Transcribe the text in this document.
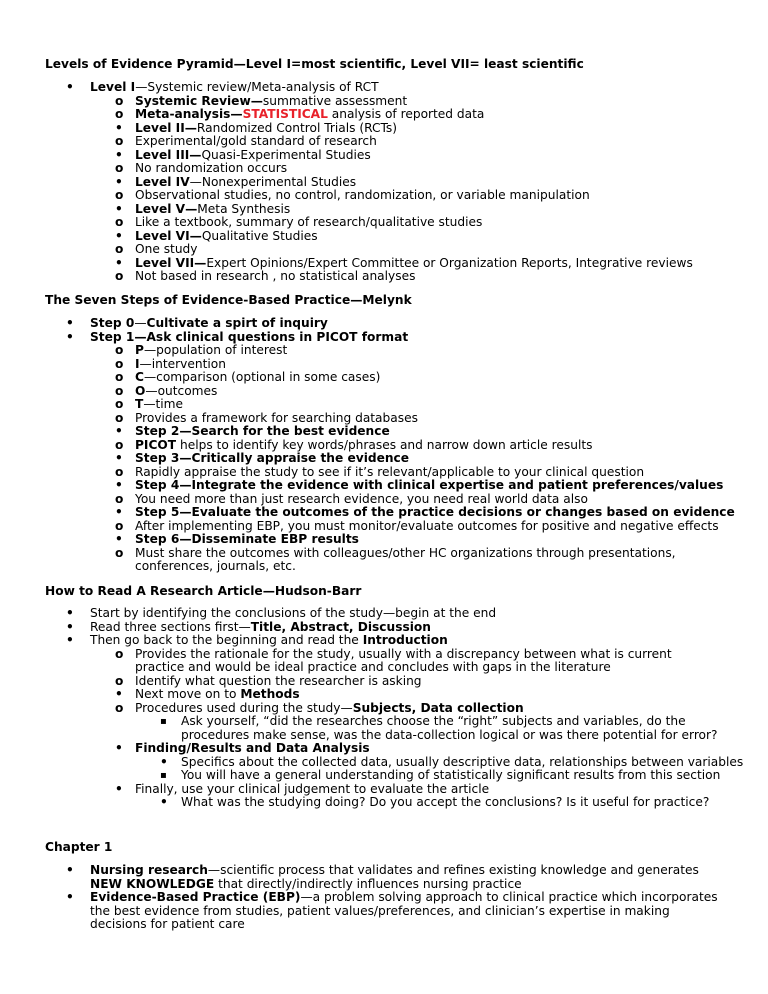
Levels of Evidence Pyramid—Level I=most scientific, Level VII= least scientific
• Level I—Systemic review/Meta-analysis of RCT
o Systemic Review—summative assessment
o Meta-analysis—STATISTICAL analysis of reported data
• Level II—Randomized Control Trials (RCTs)
o Experimental/gold standard of research
• Level III—Quasi-Experimental Studies
o No randomization occurs
• Level IV—Nonexperimental Studies
o Observational studies, no control, randomization, or variable manipulation
• Level V—Meta Synthesis
o Like a textbook, summary of research/qualitative studies
• Level VI—Qualitative Studies
o One study
• Level VII—Expert Opinions/Expert Committee or Organization Reports, Integrative reviews
o Not based in research , no statistical analyses
The Seven Steps of Evidence-Based Practice—Melynk
• Step 0—Cultivate a spirt of inquiry
• Step 1—Ask clinical questions in PICOT format
o P—population of interest
o I—intervention
o C—comparison (optional in some cases)
o O—outcomes
o T—time
o Provides a framework for searching databases
• Step 2—Search for the best evidence
o PICOT helps to identify key words/phrases and narrow down article results
• Step 3—Critically appraise the evidence
o Rapidly appraise the study to see if it’s relevant/applicable to your clinical question
• Step 4—Integrate the evidence with clinical expertise and patient preferences/values
o You need more than just research evidence, you need real world data also
• Step 5—Evaluate the outcomes of the practice decisions or changes based on evidence
o After implementing EBP, you must monitor/evaluate outcomes for positive and negative effects
• Step 6—Disseminate EBP results
o Must share the outcomes with colleagues/other HC organizations through presentations, conferences, journals, etc.
How to Read A Research Article—Hudson-Barr
• Start by identifying the conclusions of the study—begin at the end
• Read three sections first—Title, Abstract, Discussion
• Then go back to the beginning and read the Introduction
o Provides the rationale for the study, usually with a discrepancy between what is current practice and would be ideal practice and concludes with gaps in the literature
o Identify what question the researcher is asking
• Next move on to Methods
o Procedures used during the study—Subjects, Data collection
▪ Ask yourself, “did the researches choose the “right” subjects and variables, do the procedures make sense, was the data-collection logical or was there potential for error?
• Finding/Results and Data Analysis
• Specifics about the collected data, usually descriptive data, relationships between variables
▪ You will have a general understanding of statistically significant results from this section
• Finally, use your clinical judgement to evaluate the article
• What was the studying doing? Do you accept the conclusions? Is it useful for practice?
Chapter 1
• Nursing research—scientific process that validates and refines existing knowledge and generates NEW KNOWLEDGE that directly/indirectly influences nursing practice
• Evidence-Based Practice (EBP)—a problem solving approach to clinical practice which incorporates the best evidence from studies, patient values/preferences, and clinician’s expertise in making decisions for patient care
